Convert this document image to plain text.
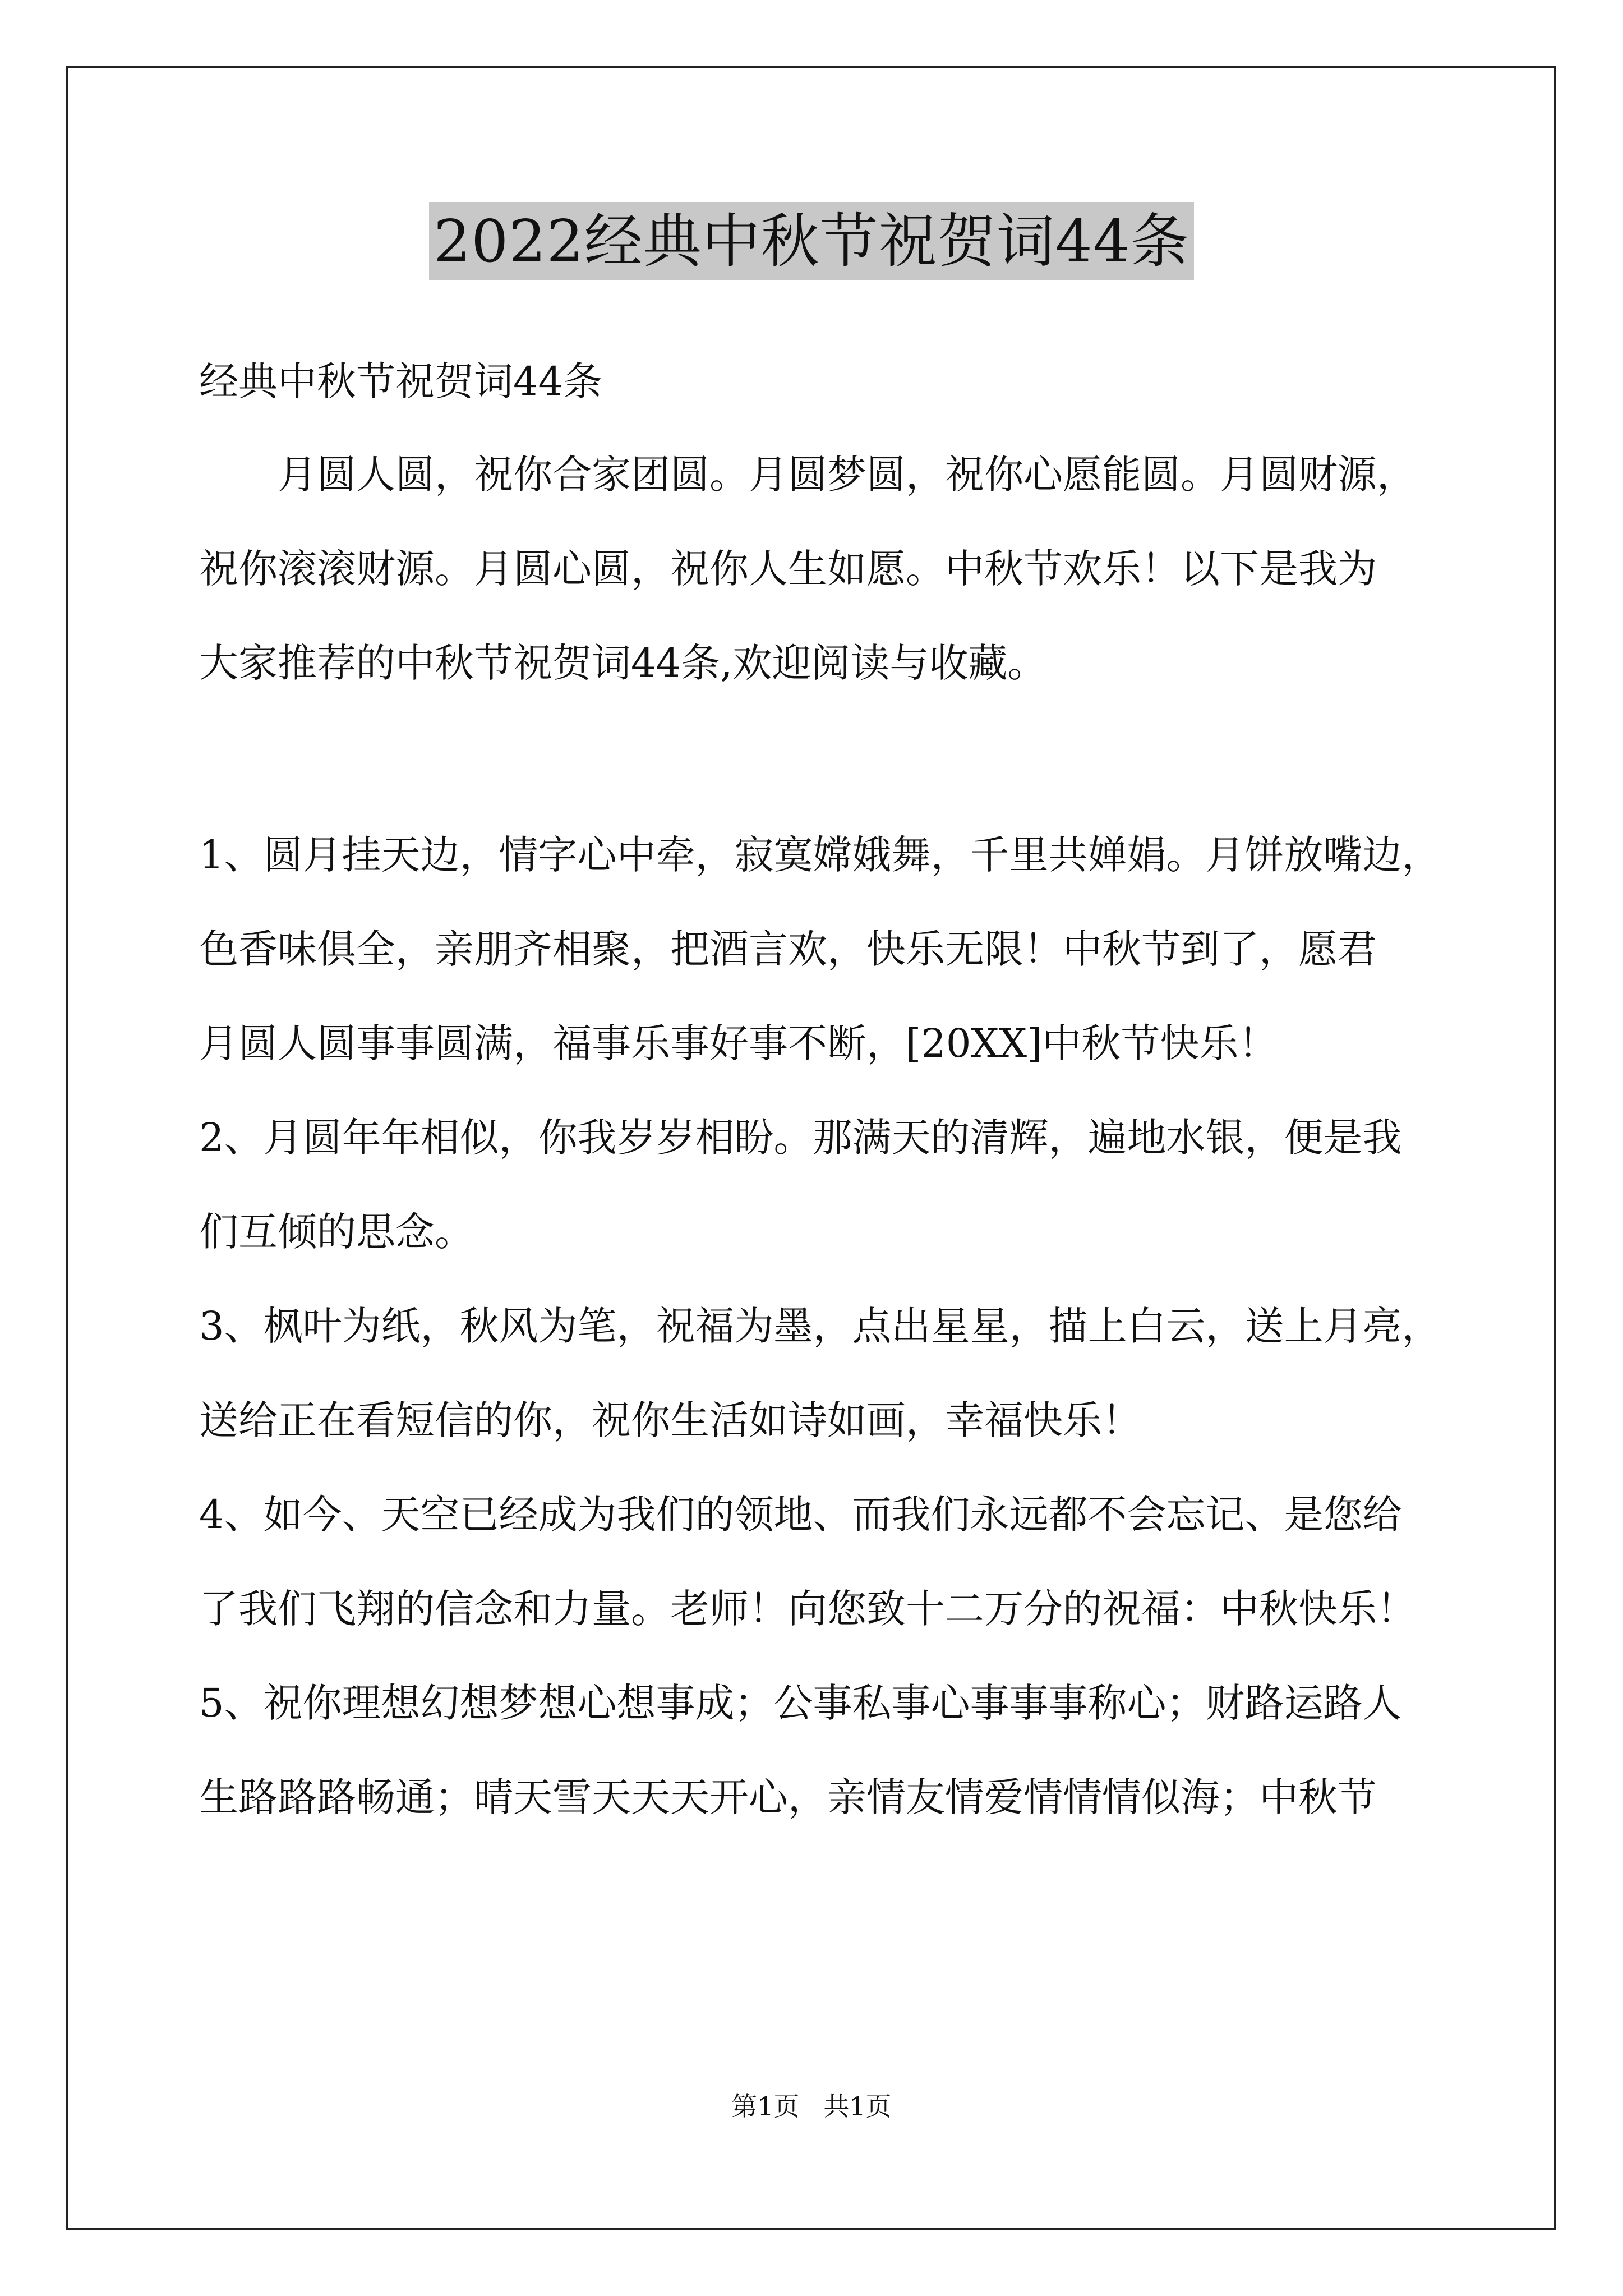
2022经典中秋节祝贺词44条
经典中秋节祝贺词44条
　　月圆人圆，祝你合家团圆。月圆梦圆，祝你心愿能圆。月圆财源，
祝你滚滚财源。月圆心圆，祝你人生如愿。中秋节欢乐！以下是我为
大家推荐的中秋节祝贺词44条,欢迎阅读与收藏。
1、圆月挂天边，情字心中牵，寂寞嫦娥舞，千里共婵娟。月饼放嘴边，
色香味俱全，亲朋齐相聚，把酒言欢，快乐无限！中秋节到了，愿君
月圆人圆事事圆满，福事乐事好事不断，[20XX]中秋节快乐！
2、月圆年年相似，你我岁岁相盼。那满天的清辉，遍地水银，便是我
们互倾的思念。
3、枫叶为纸，秋风为笔，祝福为墨，点出星星，描上白云，送上月亮，
送给正在看短信的你，祝你生活如诗如画，幸福快乐！
4、如今、天空已经成为我们的领地、而我们永远都不会忘记、是您给
了我们飞翔的信念和力量。老师！向您致十二万分的祝福：中秋快乐！
5、祝你理想幻想梦想心想事成；公事私事心事事事称心；财路运路人
生路路路畅通；晴天雪天天天开心，亲情友情爱情情情似海；中秋节
第1页 共1页
